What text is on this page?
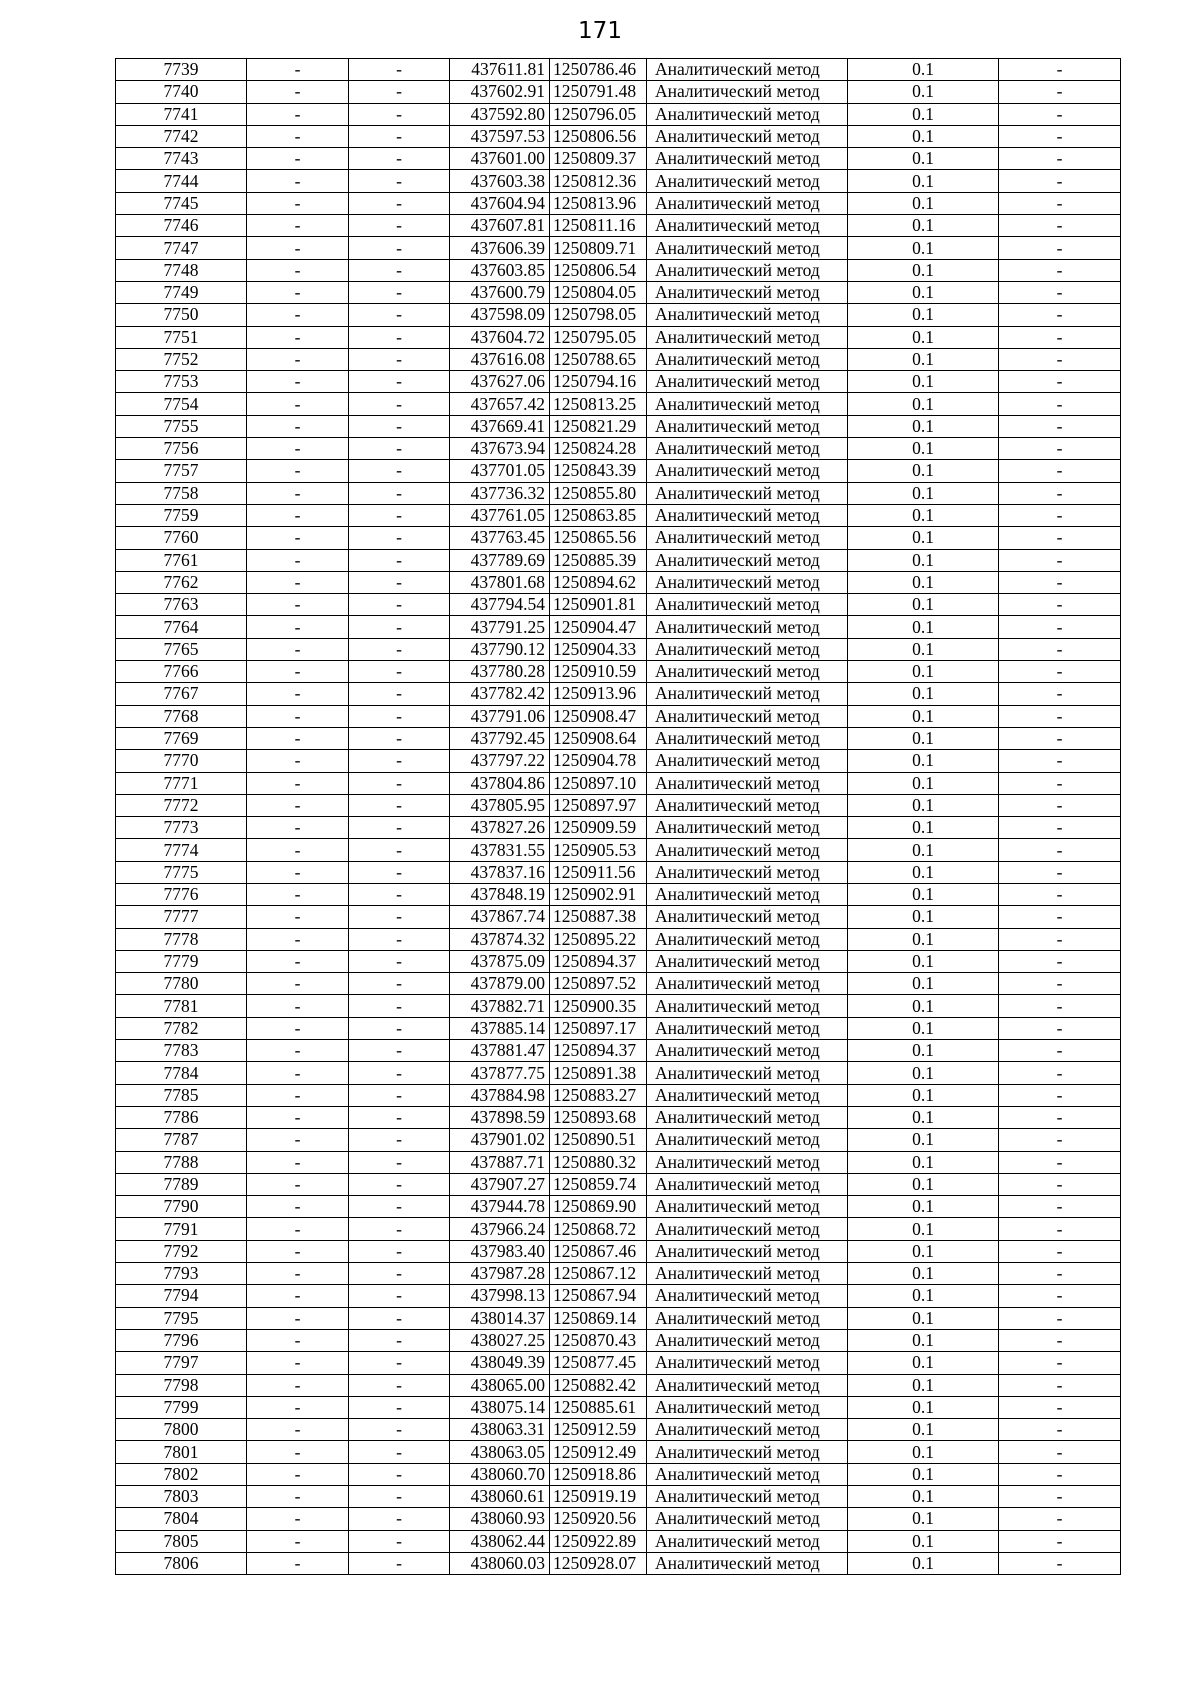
171
7739	-	-	437611.81	1250786.46	Аналитический метод	0.1	-
7740	-	-	437602.91	1250791.48	Аналитический метод	0.1	-
7741	-	-	437592.80	1250796.05	Аналитический метод	0.1	-
7742	-	-	437597.53	1250806.56	Аналитический метод	0.1	-
7743	-	-	437601.00	1250809.37	Аналитический метод	0.1	-
7744	-	-	437603.38	1250812.36	Аналитический метод	0.1	-
7745	-	-	437604.94	1250813.96	Аналитический метод	0.1	-
7746	-	-	437607.81	1250811.16	Аналитический метод	0.1	-
7747	-	-	437606.39	1250809.71	Аналитический метод	0.1	-
7748	-	-	437603.85	1250806.54	Аналитический метод	0.1	-
7749	-	-	437600.79	1250804.05	Аналитический метод	0.1	-
7750	-	-	437598.09	1250798.05	Аналитический метод	0.1	-
7751	-	-	437604.72	1250795.05	Аналитический метод	0.1	-
7752	-	-	437616.08	1250788.65	Аналитический метод	0.1	-
7753	-	-	437627.06	1250794.16	Аналитический метод	0.1	-
7754	-	-	437657.42	1250813.25	Аналитический метод	0.1	-
7755	-	-	437669.41	1250821.29	Аналитический метод	0.1	-
7756	-	-	437673.94	1250824.28	Аналитический метод	0.1	-
7757	-	-	437701.05	1250843.39	Аналитический метод	0.1	-
7758	-	-	437736.32	1250855.80	Аналитический метод	0.1	-
7759	-	-	437761.05	1250863.85	Аналитический метод	0.1	-
7760	-	-	437763.45	1250865.56	Аналитический метод	0.1	-
7761	-	-	437789.69	1250885.39	Аналитический метод	0.1	-
7762	-	-	437801.68	1250894.62	Аналитический метод	0.1	-
7763	-	-	437794.54	1250901.81	Аналитический метод	0.1	-
7764	-	-	437791.25	1250904.47	Аналитический метод	0.1	-
7765	-	-	437790.12	1250904.33	Аналитический метод	0.1	-
7766	-	-	437780.28	1250910.59	Аналитический метод	0.1	-
7767	-	-	437782.42	1250913.96	Аналитический метод	0.1	-
7768	-	-	437791.06	1250908.47	Аналитический метод	0.1	-
7769	-	-	437792.45	1250908.64	Аналитический метод	0.1	-
7770	-	-	437797.22	1250904.78	Аналитический метод	0.1	-
7771	-	-	437804.86	1250897.10	Аналитический метод	0.1	-
7772	-	-	437805.95	1250897.97	Аналитический метод	0.1	-
7773	-	-	437827.26	1250909.59	Аналитический метод	0.1	-
7774	-	-	437831.55	1250905.53	Аналитический метод	0.1	-
7775	-	-	437837.16	1250911.56	Аналитический метод	0.1	-
7776	-	-	437848.19	1250902.91	Аналитический метод	0.1	-
7777	-	-	437867.74	1250887.38	Аналитический метод	0.1	-
7778	-	-	437874.32	1250895.22	Аналитический метод	0.1	-
7779	-	-	437875.09	1250894.37	Аналитический метод	0.1	-
7780	-	-	437879.00	1250897.52	Аналитический метод	0.1	-
7781	-	-	437882.71	1250900.35	Аналитический метод	0.1	-
7782	-	-	437885.14	1250897.17	Аналитический метод	0.1	-
7783	-	-	437881.47	1250894.37	Аналитический метод	0.1	-
7784	-	-	437877.75	1250891.38	Аналитический метод	0.1	-
7785	-	-	437884.98	1250883.27	Аналитический метод	0.1	-
7786	-	-	437898.59	1250893.68	Аналитический метод	0.1	-
7787	-	-	437901.02	1250890.51	Аналитический метод	0.1	-
7788	-	-	437887.71	1250880.32	Аналитический метод	0.1	-
7789	-	-	437907.27	1250859.74	Аналитический метод	0.1	-
7790	-	-	437944.78	1250869.90	Аналитический метод	0.1	-
7791	-	-	437966.24	1250868.72	Аналитический метод	0.1	-
7792	-	-	437983.40	1250867.46	Аналитический метод	0.1	-
7793	-	-	437987.28	1250867.12	Аналитический метод	0.1	-
7794	-	-	437998.13	1250867.94	Аналитический метод	0.1	-
7795	-	-	438014.37	1250869.14	Аналитический метод	0.1	-
7796	-	-	438027.25	1250870.43	Аналитический метод	0.1	-
7797	-	-	438049.39	1250877.45	Аналитический метод	0.1	-
7798	-	-	438065.00	1250882.42	Аналитический метод	0.1	-
7799	-	-	438075.14	1250885.61	Аналитический метод	0.1	-
7800	-	-	438063.31	1250912.59	Аналитический метод	0.1	-
7801	-	-	438063.05	1250912.49	Аналитический метод	0.1	-
7802	-	-	438060.70	1250918.86	Аналитический метод	0.1	-
7803	-	-	438060.61	1250919.19	Аналитический метод	0.1	-
7804	-	-	438060.93	1250920.56	Аналитический метод	0.1	-
7805	-	-	438062.44	1250922.89	Аналитический метод	0.1	-
7806	-	-	438060.03	1250928.07	Аналитический метод	0.1	-
